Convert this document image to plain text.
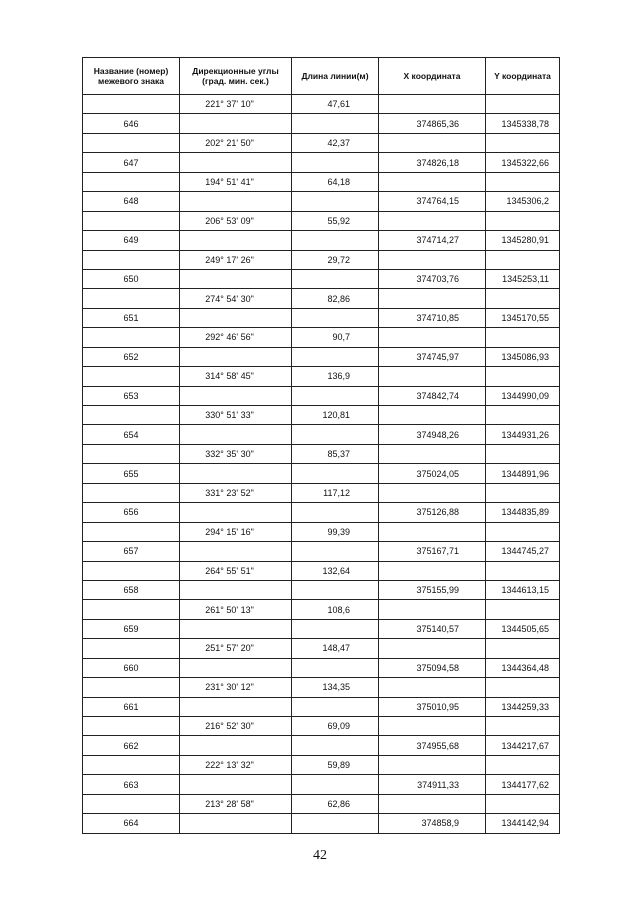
Название (номер) межевого знака	Дирекционные углы (град. мин. сек.)	Длина линии(м)	X координата	Y координата
	221° 37' 10"	47,61		
646			374865,36	1345338,78
	202° 21' 50"	42,37		
647			374826,18	1345322,66
	194° 51' 41"	64,18		
648			374764,15	1345306,2
	206° 53' 09"	55,92		
649			374714,27	1345280,91
	249° 17' 26"	29,72		
650			374703,76	1345253,11
	274° 54' 30"	82,86		
651			374710,85	1345170,55
	292° 46' 56"	90,7		
652			374745,97	1345086,93
	314° 58' 45"	136,9		
653			374842,74	1344990,09
	330° 51' 33"	120,81		
654			374948,26	1344931,26
	332° 35' 30"	85,37		
655			375024,05	1344891,96
	331° 23' 52"	117,12		
656			375126,88	1344835,89
	294° 15' 16"	99,39		
657			375167,71	1344745,27
	264° 55' 51"	132,64		
658			375155,99	1344613,15
	261° 50' 13"	108,6		
659			375140,57	1344505,65
	251° 57' 20"	148,47		
660			375094,58	1344364,48
	231° 30' 12"	134,35		
661			375010,95	1344259,33
	216° 52' 30"	69,09		
662			374955,68	1344217,67
	222° 13' 32"	59,89		
663			374911,33	1344177,62
	213° 28' 58"	62,86		
664			374858,9	1344142,94
42
